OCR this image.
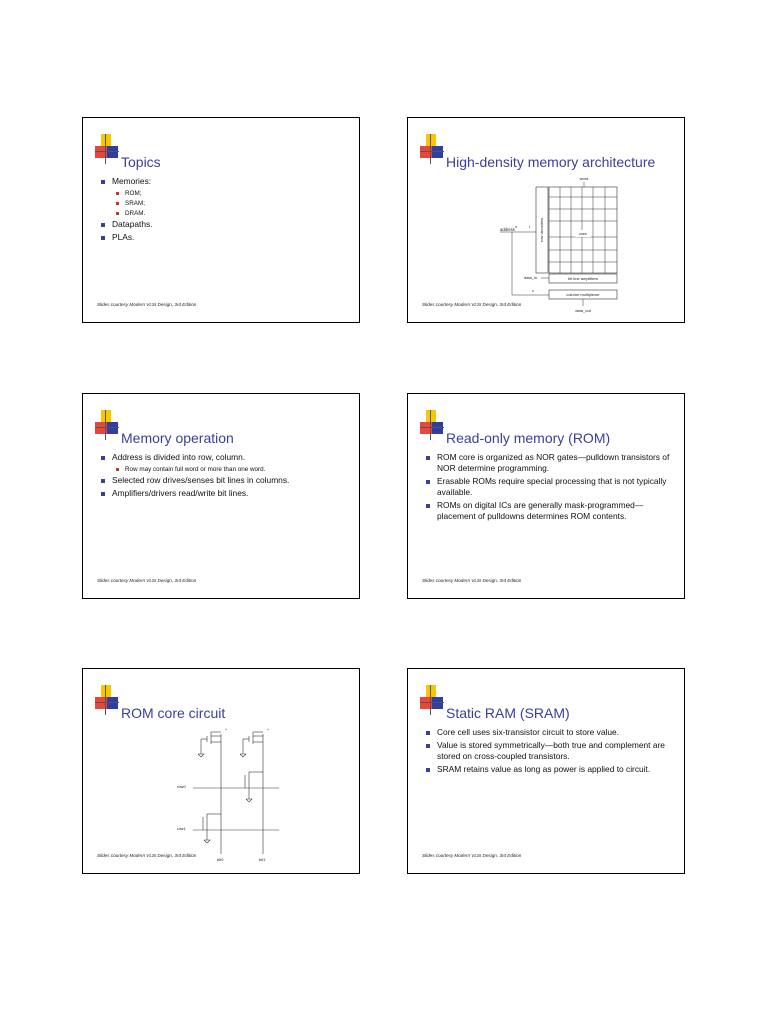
Topics
Memories:
ROM;
SRAM;
DRAM.
Datapaths.
PLAs.
Slides courtesy Modern VLSI Design, 3rd Edition
High-density memory architecture
word
row decoders	core
address n	r
c
data_in	bit line amplifiers
column multiplexer
data_out
Slides courtesy Modern VLSI Design, 3rd Edition
Memory operation
Address is divided into row, column.
Row may contain full word or more than one word.
Selected row drives/senses bit lines in columns.
Amplifiers/drivers read/write bit lines.
Slides courtesy Modern VLSI Design, 3rd Edition
Read-only memory (ROM)
ROM core is organized as NOR gates—pulldown transistors of NOR determine programming.
Erasable ROMs require special processing that is not typically available.
ROMs on digital ICs are generally mask-programmed—placement of pulldowns determines ROM contents.
Slides courtesy Modern VLSI Design, 3rd Edition
ROM core circuit
row0
row1
bit0	bit1
+	+
Slides courtesy Modern VLSI Design, 3rd Edition
Static RAM (SRAM)
Core cell uses six-transistor circuit to store value.
Value is stored symmetrically—both true and complement are stored on cross-coupled transistors.
SRAM retains value as long as power is applied to circuit.
Slides courtesy Modern VLSI Design, 3rd Edition
